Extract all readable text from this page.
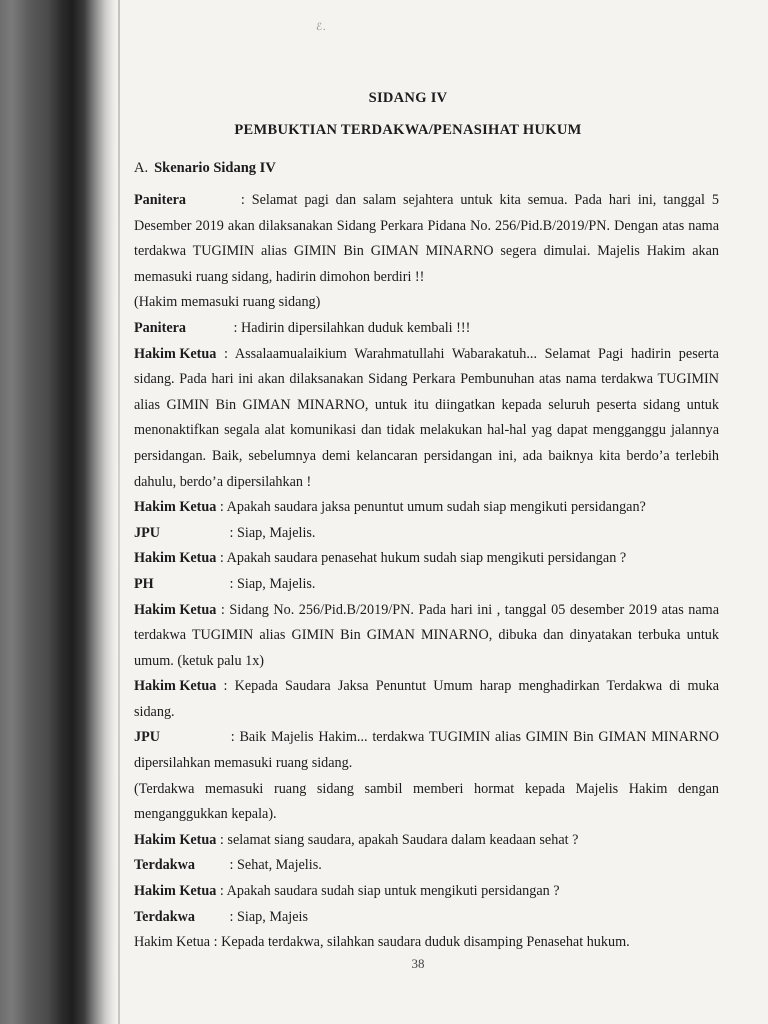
ℰ.
SIDANG IV
PEMBUKTIAN TERDAKWA/PENASIHAT HUKUM
A. Skenario Sidang IV

Panitera	: Selamat pagi dan salam sejahtera untuk kita semua. Pada hari ini, tanggal 5 Desember 2019 akan dilaksanakan Sidang Perkara Pidana No. 256/Pid.B/2019/PN. Dengan atas nama terdakwa TUGIMIN alias GIMIN Bin GIMAN MINARNO segera dimulai. Majelis Hakim akan memasuki ruang sidang, hadirin dimohon berdiri !!

(Hakim memasuki ruang sidang)

Panitera	: Hadirin dipersilahkan duduk kembali !!!

Hakim Ketua : Assalaamualaikium Warahmatullahi Wabarakatuh... Selamat Pagi hadirin peserta sidang. Pada hari ini akan dilaksanakan Sidang Perkara Pembunuhan atas nama terdakwa TUGIMIN alias GIMIN Bin GIMAN MINARNO, untuk itu diingatkan kepada seluruh peserta sidang untuk menonaktifkan segala alat komunikasi dan tidak melakukan hal-hal yag dapat mengganggu jalannya persidangan. Baik, sebelumnya demi kelancaran persidangan ini, ada baiknya kita berdo’a terlebih dahulu, berdo’a dipersilahkan !

Hakim Ketua : Apakah saudara jaksa penuntut umum sudah siap mengikuti persidangan?

JPU	: Siap, Majelis.

Hakim Ketua : Apakah saudara penasehat hukum sudah siap mengikuti persidangan ?

PH	: Siap, Majelis.

Hakim Ketua : Sidang No. 256/Pid.B/2019/PN. Pada hari ini , tanggal 05 desember 2019 atas nama terdakwa TUGIMIN alias GIMIN Bin GIMAN MINARNO, dibuka dan dinyatakan terbuka untuk umum. (ketuk palu 1x)

Hakim Ketua : Kepada Saudara Jaksa Penuntut Umum harap menghadirkan Terdakwa di muka sidang.

JPU	: Baik Majelis Hakim... terdakwa TUGIMIN alias GIMIN Bin GIMAN MINARNO dipersilahkan memasuki ruang sidang.

(Terdakwa memasuki ruang sidang sambil memberi hormat kepada Majelis Hakim dengan menganggukkan kepala).

Hakim Ketua : selamat siang saudara, apakah Saudara dalam keadaan sehat ?

Terdakwa : Sehat, Majelis.

Hakim Ketua : Apakah saudara sudah siap untuk mengikuti persidangan ?

Terdakwa : Siap, Majeis

Hakim Ketua : Kepada terdakwa, silahkan saudara duduk disamping Penasehat hukum.

38
